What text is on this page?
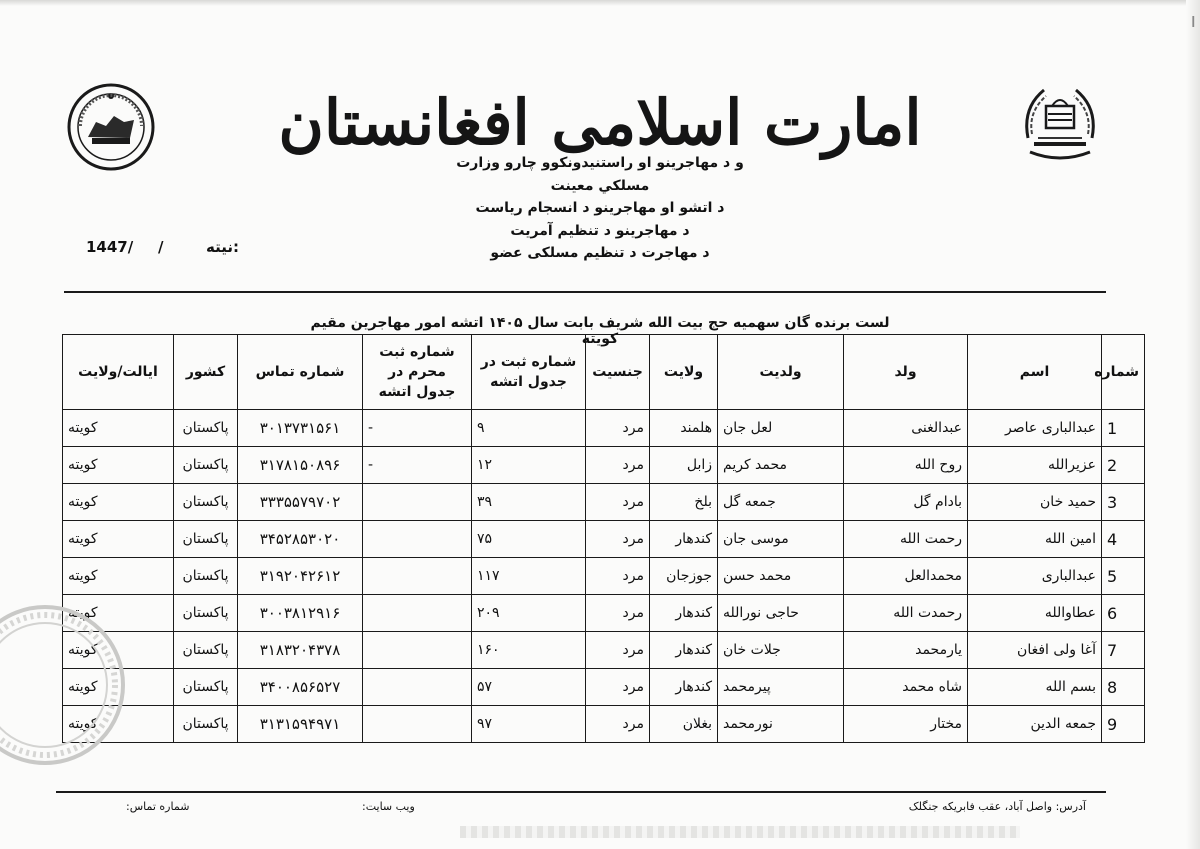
ı
امارت اسلامی افغانستان
و د مهاجرينو او راستنيدونکوو چارو وزارت
مسلکي معينت
د اتشو او مهاجرينو د انسجام رياست
د مهاجرينو د تنظيم آمريت
د مهاجرت د تنظيم مسلکی عضو
نیته:
/
1447/
لست برنده گان سهمیه حج بیت الله شریف بابت سال ۱۴۰۵ اتشه امور مهاجرین مقیم کویته
شماره	اسم	ولد	ولدیت	ولایت	جنسیت	شماره ثبت در جدول اتشه	شماره ثبت محرم در جدول اتشه	شماره تماس	کشور	ایالت/ولایت
1	عبدالباری عاصر	عبدالغنی	لعل جان	هلمند	مرد	۹	-	۳۰۱۳۷۳۱۵۶۱	پاکستان	کویته
2	عزیرالله	روح الله	محمد کریم	زابل	مرد	۱۲	-	۳۱۷۸۱۵۰۸۹۶	پاکستان	کویته
3	حمید خان	بادام گل	جمعه گل	بلخ	مرد	۳۹		۳۳۳۵۵۷۹۷۰۲	پاکستان	کویته
4	امین الله	رحمت الله	موسی جان	کندهار	مرد	۷۵		۳۴۵۲۸۵۳۰۲۰	پاکستان	کویته
5	عبدالباری	محمدالعل	محمد حسن	جوزجان	مرد	۱۱۷		۳۱۹۲۰۴۲۶۱۲	پاکستان	کویته
6	عطاوالله	رحمدت الله	حاجی نورالله	کندهار	مرد	۲۰۹		۳۰۰۳۸۱۲۹۱۶	پاکستان	کویته
7	آغا ولی افغان	یارمحمد	جلات خان	کندهار	مرد	۱۶۰		۳۱۸۳۲۰۴۳۷۸	پاکستان	کویته
8	بسم الله	شاه محمد	پیرمحمد	کندهار	مرد	۵۷		۳۴۰۰۸۵۶۵۲۷	پاکستان	کویته
9	جمعه الدین	مختار	نورمحمد	بغلان	مرد	۹۷		۳۱۳۱۵۹۴۹۷۱	پاکستان	کویته
آدرس: واصل آباد، عقب فابریکه جنگلک
ویب سایت:
شماره تماس:
